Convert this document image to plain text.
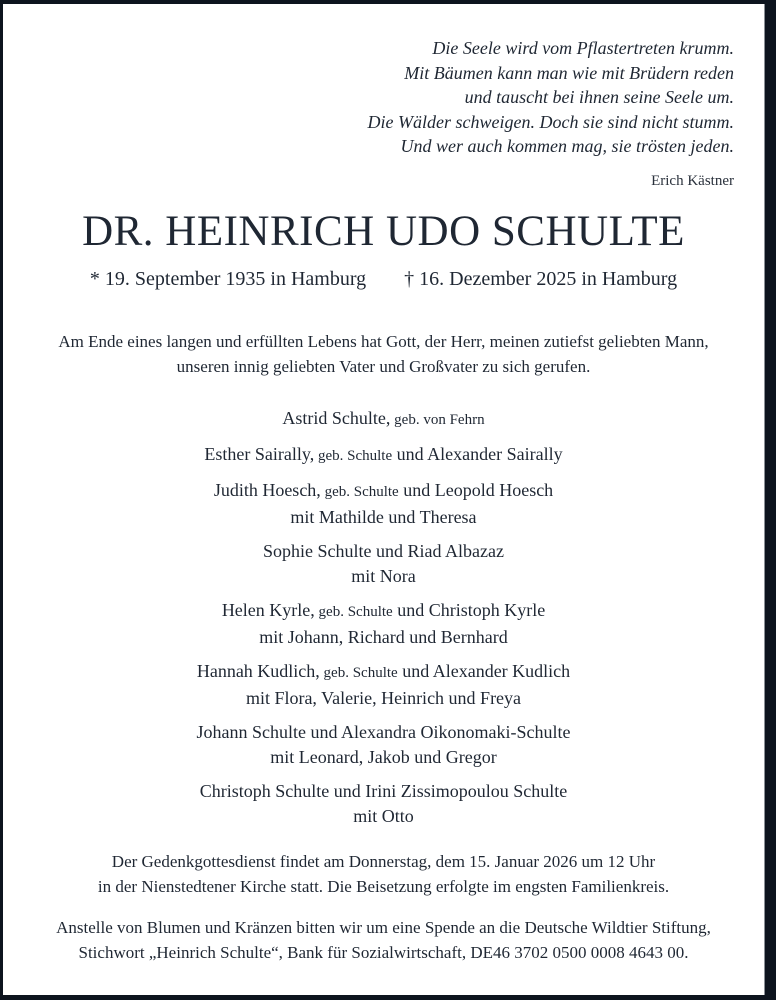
Die Seele wird vom Pflastertreten krumm.
Mit Bäumen kann man wie mit Brüdern reden
und tauscht bei ihnen seine Seele um.
Die Wälder schweigen. Doch sie sind nicht stumm.
Und wer auch kommen mag, sie trösten jeden.
Erich Kästner
DR. HEINRICH UDO SCHULTE
* 19. September 1935 in Hamburg † 16. Dezember 2025 in Hamburg
Am Ende eines langen und erfüllten Lebens hat Gott, der Herr, meinen zutiefst geliebten Mann,
unseren innig geliebten Vater und Großvater zu sich gerufen.
Astrid Schulte, geb. von Fehrn
Esther Sairally, geb. Schulte und Alexander Sairally
Judith Hoesch, geb. Schulte und Leopold Hoesch
mit Mathilde und Theresa
Sophie Schulte und Riad Albazaz
mit Nora
Helen Kyrle, geb. Schulte und Christoph Kyrle
mit Johann, Richard und Bernhard
Hannah Kudlich, geb. Schulte und Alexander Kudlich
mit Flora, Valerie, Heinrich und Freya
Johann Schulte und Alexandra Oikonomaki-Schulte
mit Leonard, Jakob und Gregor
Christoph Schulte und Irini Zissimopoulou Schulte
mit Otto
Der Gedenkgottesdienst findet am Donnerstag, dem 15. Januar 2026 um 12 Uhr
in der Nienstedtener Kirche statt. Die Beisetzung erfolgte im engsten Familienkreis.
Anstelle von Blumen und Kränzen bitten wir um eine Spende an die Deutsche Wildtier Stiftung,
Stichwort „Heinrich Schulte“, Bank für Sozialwirtschaft, DE46 3702 0500 0008 4643 00.
